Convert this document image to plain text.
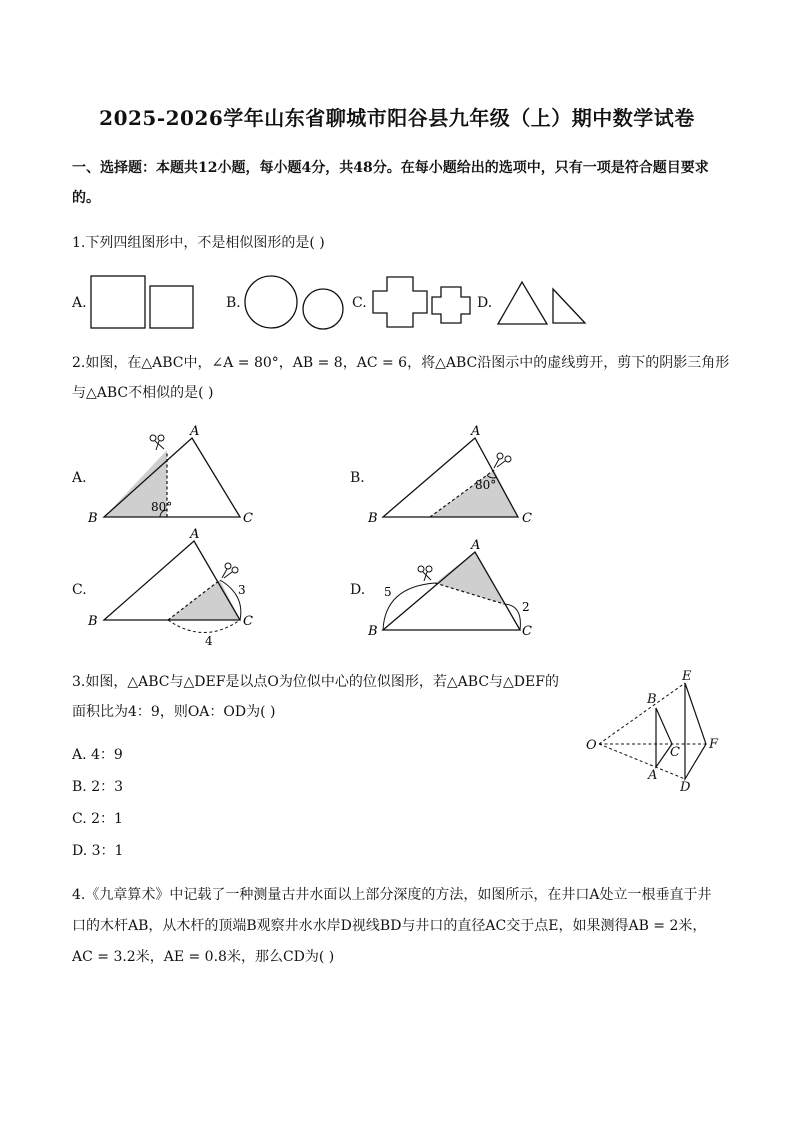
2025-2026学年山东省聊城市阳谷县九年级（上）期中数学试卷
一、选择题：本题共12小题，每小题4分，共48分。在每小题给出的选项中，只有一项是符合题目要求
的。
1.下列四组图形中，不是相似图形的是( )
A.	B.	C.	D.
2.如图，在△ABC中，∠A = 80°，AB = 8，AC = 6，将△ABC沿图示中的虚线剪开，剪下的阴影三角形
与△ABC不相似的是( )
A.	B.
C.	D.
A
B	C
80°
A
B	C
80°
A
B	C
3
4
A
B	C
5
2
3.如图，△ABC与△DEF是以点O为位似中心的位似图形，若△ABC与△DEF的
面积比为4：9，则OA：OD为( )
A. 4：9
B. 2：3
C. 2：1
D. 3：1
O
B
A
C
E
D
F
4.《九章算术》中记载了一种测量古井水面以上部分深度的方法，如图所示，在井口A处立一根垂直于井
口的木杆AB，从木杆的顶端B观察井水水岸D视线BD与井口的直径AC交于点E，如果测得AB = 2米，
AC = 3.2米，AE = 0.8米，那么CD为( )
